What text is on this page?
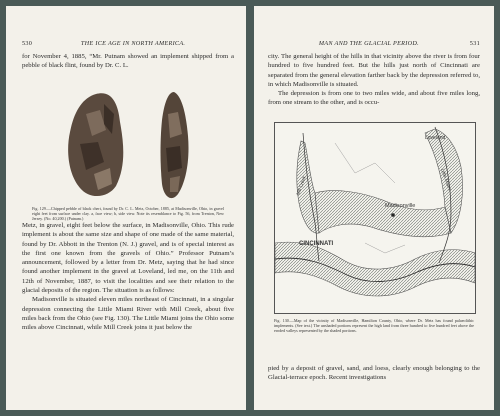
530	THE ICE AGE IN NORTH AMERICA.

for November 4, 1885, “Mr. Putnam showed an implement shipped from a pebble of black flint, found by Dr. C. L.

Fig. 129.—Chipped pebble of black chert, found by Dr. C. L. Metz, October, 1885, at Madisonville, Ohio, in gravel eight feet from surface under clay. a, face view; b, side view. Note its resemblance to Fig. 56, from Trenton, New Jersey. (No. 40,200.) (Putnam.)

Metz, in gravel, eight feet below the surface, in Madisonville, Ohio. This rude implement is about the same size and shape of one made of the same material, found by Dr. Abbott in the Trenton (N. J.) gravel, and is of special interest as the first one known from the gravels of Ohio.” Professor Putnam’s announcement, followed by a letter from Dr. Metz, saying that he had since found another implement in the gravel at Loveland, led me, on the 11th and 12th of November, 1887, to visit the localities and see their relation to the glacial deposits of the region. The situation is as follows:

Madisonville is situated eleven miles northeast of Cincinnati, in a singular depression connecting the Little Miami River with Mill Creek, about five miles back from the Ohio (see Fig. 130). The Little Miami joins the Ohio some miles above Cincinnati, while Mill Creek joins it just below the

MAN AND THE GLACIAL PERIOD.	531

city. The general height of the hills in that vicinity above the river is from four hundred to five hundred feet. But the hills just north of Cincinnati are separated from the general elevation farther back by the depression referred to, in which Madisonville is situated.

The depression is from one to two miles wide, and about five miles long, from one stream to the other, and is occu-

Loveland
Madisonville
CINCINNATI
Mill Creek	Little Miami
Fig. 130.—Map of the vicinity of Madisonville, Hamilton County, Ohio, where Dr. Metz has found palaeolithic implements. (See text.) The unshaded portions represent the high land from three hundred to five hundred feet above the eroded valleys represented by the shaded portions.

pied by a deposit of gravel, sand, and loess, clearly enough belonging to the Glacial-terrace epoch. Recent investigations
